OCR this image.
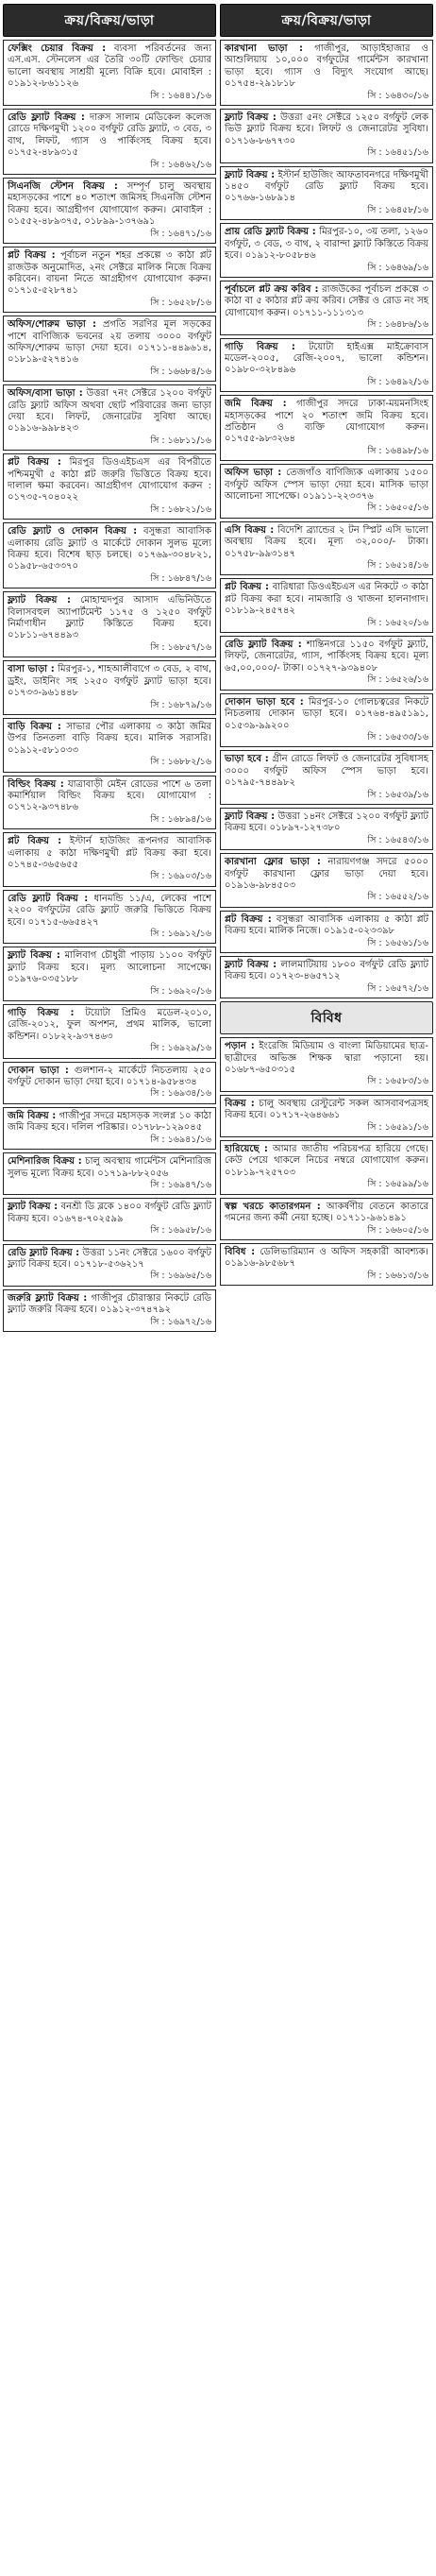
ক্রয়/বিক্রয়/ভাড়া
ফেক্সিং চেয়ার বিক্রয় : ব্যবসা পরিবর্তনের জন্য এস.এস. স্টেনলেস এর তৈরি ৩০টি ফোল্ডিং চেয়ার ভালো অবস্থায় সাশ্রয়ী মূল্যে বিক্রি হবে। মোবাইল : ০১৯১২-৮৬১১২৬
সি : ১৬৪৪১/১৬
রেডি ফ্ল্যাট বিক্রয় : দারুস সালাম মেডিকেল কলেজ রোডে দক্ষিণমুখী ১২০০ বর্গফুট রেডি ফ্ল্যাট, ৩ বেড, ৩ বাথ, লিফট, গ্যাস ও পার্কিংসহ বিক্রয় হবে। ০১৭৫২-৪৮৯৩১৫
সি : ১৬৪৬২/১৬
সিএনজি স্টেশন বিক্রয় : সম্পূর্ণ চালু অবস্থায় মহাসড়কের পাশে ৪০ শতাংশ জমিসহ সিএনজি স্টেশন বিক্রয় হবে। আগ্রহীগণ যোগাযোগ করুন। মোবাইল : ০১৫৫২-৪৮৯৩৭৫, ০১৮৯৯-১৩৭৬৯১
সি : ১৬৪৭১/১৬
প্লট বিক্রয় : পূর্বাচল নতুন শহর প্রকল্পে ৩ কাঠা প্লট রাজউক অনুমোদিত, ২নং সেক্টরে মালিক নিজে বিক্রয় করিবেন। বায়না নিতে আগ্রহীগণ যোগাযোগ করুন। ০১৭১৫-৫২৮৭৪১
সি : ১৬৫২৮/১৬
অফিস/শোরুম ভাড়া : প্রগতি সরণির মূল সড়কের পাশে বাণিজ্যিক ভবনের ২য় তলায় ৩০০০ বর্গফুট অফিস/শোরুম ভাড়া দেয়া হবে। ০১৭১১-৪৪৯৬১৪, ০১৮১৯-৫২৭৪১৬
সি : ১৬৬৮৪/১৬
অফিস/বাসা ভাড়া : উত্তরা ৭নং সেক্টরে ১২০০ বর্গফুট রেডি ফ্ল্যাট অফিস অথবা ছোট পরিবারের জন্য ভাড়া দেয়া হবে। লিফট, জেনারেটর সুবিধা আছে। ০১৯১৬-৯৯৮৪২৩
সি : ১৬৮১১/১৬
প্লট বিক্রয় : মিরপুর ডিওএইচএস এর বিপরীতে পশ্চিমমুখী ৫ কাঠা প্লট জরুরি ভিত্তিতে বিক্রয় হবে। দালাল ক্ষমা করবেন। আগ্রহীগণ যোগাযোগ করুন : ০১৭৩৫-৭০৪০২২
সি : ১৬৮২১/১৬
রেডি ফ্ল্যাট ও দোকান বিক্রয় : বসুন্ধরা আবাসিক এলাকায় রেডি ফ্ল্যাট ও মার্কেটে দোকান সুলভ মূল্যে বিক্রয় হবে। বিশেষ ছাড় চলছে। ০১৭৬৯-৩০৪৮২১, ০১৯৫৮-৬৫৩৩৭০
সি : ১৬৮৪৭/১৬
ফ্ল্যাট বিক্রয় : মোহাম্মদপুর আসাদ এভিনিউতে বিলাসবহুল অ্যাপার্টমেন্ট ১১৭৫ ও ১২৫০ বর্গফুট নির্মাণাধীন ফ্ল্যাট কিস্তিতে বিক্রয় হবে। ০১৮১১-৬৭৪৪৯৩
সি : ১৬৮৫৭/১৬
বাসা ভাড়া : মিরপুর-১, শাহআলীবাগে ৩ বেড, ২ বাথ, ড্রইং, ডাইনিং সহ ১২৫০ বর্গফুট ফ্ল্যাট ভাড়া হবে। ০১৭৩৩-৯৬১৪৪৮
সি : ১৬৮৭৯/১৬
বাড়ি বিক্রয় : সাভার পৌর এলাকায় ৩ কাঠা জমির উপর তিনতলা বাড়ি বিক্রয় হবে। মালিক সরাসরি। ০১৯১২-৫৮১০৩৩
সি : ১৬৮৮২/১৬
বিল্ডিং বিক্রয় : যাত্রাবাড়ী মেইন রোডের পাশে ৬ তলা কমার্শিয়াল বিল্ডিং বিক্রয় হবে। যোগাযোগ : ০১৭১২-৯৩৭৪৮৬
সি : ১৬৮৯৪/১৬
প্লট বিক্রয় : ইস্টার্ন হাউজিং রূপনগর আবাসিক এলাকায় ৫ কাঠা দক্ষিণমুখী প্লট বিক্রয় করা হবে। ০১৭৪৫-৩৬৫৬৫৫
সি : ১৬৯০৩/১৬
রেডি ফ্ল্যাট বিক্রয় : ধানমন্ডি ১১/এ, লেকের পাশে ২২০০ বর্গফুটের রেডি ফ্ল্যাট জরুরি ভিত্তিতে বিক্রয় হবে। ০১৭১৫-৬৬৫৪২৭
সি : ১৬৯১২/১৬
ফ্ল্যাট বিক্রয় : মালিবাগ চৌধুরী পাড়ায় ১১০০ বর্গফুট ফ্ল্যাট বিক্রয় হবে। মূল্য আলোচনা সাপেক্ষে। ০১৯৭৬-০৩৫১৮৮
সি : ১৬৯২০/১৬
গাড়ি বিক্রয় : টয়োটা প্রিমিও মডেল-২০১০, রেজি-২০১২, ফুল অপশন, প্রথম মালিক, ভালো কন্ডিশন। ০১৮২২-৯৩৭৪৬৩
সি : ১৬৯২৯/১৬
দোকান ভাড়া : গুলশান-২ মার্কেটে নিচতলায় ২৫০ বর্গফুট দোকান ভাড়া দেয়া হবে। ০১৭১৪-৯৫৮৪৩৪
সি : ১৬৯৩৪/১৬
জমি বিক্রয় : গাজীপুর সদরে মহাসড়ক সংলগ্ন ১০ কাঠা জমি বিক্রয় হবে। দলিল পরিষ্কার। ০১৭৮৮-১২৯০৪৫
সি : ১৬৯৪১/১৬
মেশিনারিজ বিক্রয় : চালু অবস্থায় গার্মেন্টস মেশিনারিজ সুলভ মূল্যে বিক্রয় হবে। ০১৭১৯-৮৮২০৫৬
সি : ১৬৯৪৭/১৬
ফ্ল্যাট বিক্রয় : বনশ্রী ডি ব্লকে ১৪০০ বর্গফুট রেডি ফ্ল্যাট বিক্রয় হবে। ০১৬৭৪-৭০২৫৯৯
সি : ১৬৯৫৮/১৬
রেডি ফ্ল্যাট বিক্রয় : উত্তরা ১১নং সেক্টরে ১৬০০ বর্গফুট ফ্ল্যাট বিক্রয় হবে। ০১৭১৮-৫৩৬২১৭
সি : ১৬৯৬৫/১৬
জরুরি ফ্ল্যাট বিক্রয় : গাজীপুর চৌরাস্তার নিকটে রেডি ফ্ল্যাট জরুরি বিক্রয় হবে। ০১৯১২-৩৭৪৭৯২
সি : ১৬৯৭২/১৬
ক্রয়/বিক্রয়/ভাড়া
কারখানা ভাড়া : গাজীপুর, আড়াইহাজার ও আশুলিয়ায় ১০,০০০ বর্গফুটের গার্মেন্টস কারখানা ভাড়া হবে। গ্যাস ও বিদ্যুৎ সংযোগ আছে। ০১৭৫৪-২৯১৮১৮
সি : ১৬৪৩০/১৬
ফ্ল্যাট বিক্রয় : উত্তরা ৫নং সেক্টরে ১২৫০ বর্গফুট লেক ভিউ ফ্ল্যাট বিক্রয় হবে। লিফট ও জেনারেটর সুবিধা। ০১৭১৬-৮৬৭৭৩০
সি : ১৬৪৫১/১৬
ফ্ল্যাট বিক্রয় : ইস্টার্ন হাউজিং আফতাবনগরে দক্ষিণমুখী ১৪৫০ বর্গফুট রেডি ফ্ল্যাট বিক্রয় হবে। ০১৭৬৬-১৬৮৯১৪
সি : ১৬৪৫৮/১৬
প্রায় রেডি ফ্ল্যাট বিক্রয় : মিরপুর-১০, ৩য় তলা, ১২৬০ বর্গফুট, ৩ বেড, ৩ বাথ, ২ বারান্দা ফ্ল্যাট কিস্তিতে বিক্রয় হবে। ০১৯১২-৮০৫৮৪৬
সি : ১৬৪৬৯/১৬
পূর্বাচলে প্লট ক্রয় করিব : রাজউকের পূর্বাচল প্রকল্পে ৩ কাঠা বা ৫ কাঠার প্লট ক্রয় করিব। সেক্টর ও রোড নং সহ যোগাযোগ করুন। ০১৭১১-১১১৩১৩
সি : ১৬৪৮৬/১৬
গাড়ি বিক্রয় : টয়োটা হাইএক্স মাইক্রোবাস মডেল-২০০৫, রেজি-২০০৭, ভালো কন্ডিশন। ০১৯৮০-৩২৮৪৯৬
সি : ১৬৪৯২/১৬
জমি বিক্রয় : গাজীপুর সদরে ঢাকা-ময়মনসিংহ মহাসড়কের পাশে ২০ শতাংশ জমি বিক্রয় হবে। প্রতিষ্ঠান ও ব্যক্তি যোগাযোগ করুন। ০১৭৫৫-৯৮৩২৬৪
সি : ১৬৪৯৮/১৬
অফিস ভাড়া : তেজগাঁও বাণিজ্যিক এলাকায় ১৫০০ বর্গফুট অফিস স্পেস ভাড়া দেয়া হবে। মাসিক ভাড়া আলোচনা সাপেক্ষে। ০১৯১১-২২৩৩৭৬
সি : ১৬৫০৫/১৬
এসি বিক্রয় : বিদেশি ব্র্যান্ডের ২ টন স্প্লিট এসি ভালো অবস্থায় বিক্রয় হবে। মূল্য ৩২,০০০/- টাকা। ০১৭৫৮-৯৯৩১৪৭
সি : ১৬৫১৪/১৬
প্লট বিক্রয় : বারিধারা ডিওএইচএস এর নিকটে ৩ কাঠা প্লট বিক্রয় করা হবে। নামজারি ও খাজনা হালনাগাদ। ০১৮১৯-২৪৫৭৪২
সি : ১৬৫২০/১৬
রেডি ফ্ল্যাট বিক্রয় : শান্তিনগরে ১১৫০ বর্গফুট ফ্ল্যাট, লিফট, জেনারেটর, গ্যাস, পার্কিংসহ বিক্রয় হবে। মূল্য ৬৫,০০,০০০/- টাকা। ০১৭২৭-৯৩৯৪০৮
সি : ১৬৫২৬/১৬
দোকান ভাড়া হবে : মিরপুর-১০ গোলচত্বরের নিকটে নিচতলায় দোকান ভাড়া হবে। ০১৭৬৪-৪৯৫১৯১, ০১৫৩৯-৯৯২০০
সি : ১৬৫৩৩/১৬
ভাড়া হবে : গ্রীন রোডে লিফট ও জেনারেটর সুবিধাসহ ৩০০০ বর্গফুট অফিস স্পেস ভাড়া হবে। ০১৭৯৫-৭৪৪৯৮২
সি : ১৬৫৩৯/১৬
ফ্ল্যাট বিক্রয় : উত্তরা ১৪নং সেক্টরে ১২০০ বর্গফুট ফ্ল্যাট বিক্রয় হবে। ০১৮৯৭-১২৭৩৮০
সি : ১৬৫৪৩/১৬
কারখানা ফ্লোর ভাড়া : নারায়ণগঞ্জ সদরে ৫০০০ বর্গফুট কারখানা ফ্লোর ভাড়া দেয়া হবে। ০১৯১৬-৯৮৪৫০৩
সি : ১৬৫৫২/১৬
প্লট বিক্রয় : বসুন্ধরা আবাসিক এলাকায় ৫ কাঠা প্লট বিক্রয় হবে। মালিক নিজে। ০১৯১৫-০২৩৩৯৮
সি : ১৬৫৬১/১৬
ফ্ল্যাট বিক্রয় : লালমাটিয়ায় ১৮০০ বর্গফুট রেডি ফ্ল্যাট বিক্রয় হবে। ০১৭২৩-৪৬৫৭১২
সি : ১৬৫৭২/১৬
বিবিধ
পড়ান : ইংরেজি মিডিয়াম ও বাংলা মিডিয়ামের ছাত্র-ছাত্রীদের অভিজ্ঞ শিক্ষক দ্বারা পড়ানো হয়। ০১৬৮৭-৬৫০৩১৫
সি : ১৬৫৮৩/১৬
বিক্রয় : চালু অবস্থায় রেস্টুরেন্ট সকল আসবাবপত্রসহ বিক্রয় হবে। ০১৭১৭-২৬৪৬৬১
সি : ১৬৫৯১/১৬
হারিয়েছে : আমার জাতীয় পরিচয়পত্র হারিয়ে গেছে। কেউ পেয়ে থাকলে নিচের নম্বরে যোগাযোগ করুন। ০১৮১৯-৭২৫৭০৩
সি : ১৬৫৯৯/১৬
স্বল্প খরচে কাতারগমন : আকর্ষণীয় বেতনে কাতারে গমনের জন্য কর্মী নেয়া হচ্ছে। ০১৭১১-৯৬১৪৯১
সি : ১৬৬০৫/১৬
বিবিধ : ডেলিভারিম্যান ও অফিস সহকারী আবশ্যক। ০১৯১৬-৯৮৫৬৮৭
সি : ১৬৬১৩/১৬
